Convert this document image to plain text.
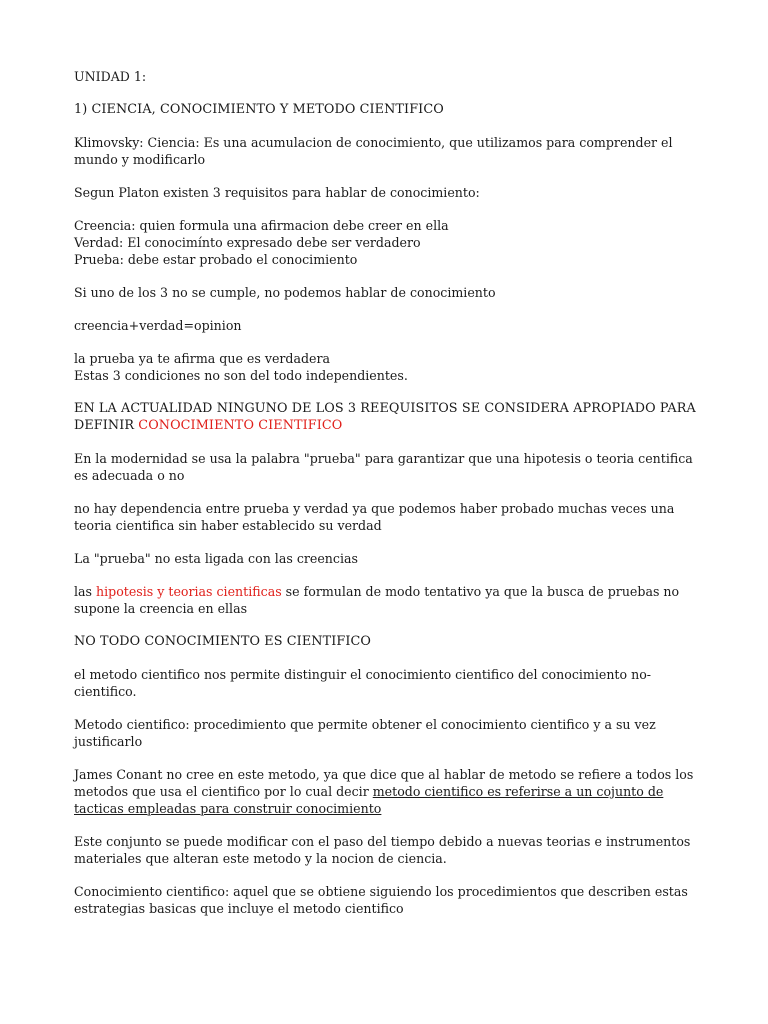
UNIDAD 1:

1) CIENCIA, CONOCIMIENTO Y METODO CIENTIFICO

Klimovsky: Ciencia: Es una acumulacion de conocimiento, que utilizamos para comprender el mundo y modificarlo

Segun Platon existen 3 requisitos para hablar de conocimiento:

Creencia: quien formula una afirmacion debe creer en ella
Verdad: El conocimínto expresado debe ser verdadero
Prueba: debe estar probado el conocimiento

Si uno de los 3 no se cumple, no podemos hablar de conocimiento

creencia+verdad=opinion

la prueba ya te afirma que es verdadera
Estas 3 condiciones no son del todo independientes.

EN LA ACTUALIDAD NINGUNO DE LOS 3 REEQUISITOS SE CONSIDERA APROPIADO PARA DEFINIR CONOCIMIENTO CIENTIFICO

En la modernidad se usa la palabra "prueba" para garantizar que una hipotesis o teoria centifica es adecuada o no

no hay dependencia entre prueba y verdad ya que podemos haber probado muchas veces una teoria cientifica sin haber establecido su verdad

La "prueba" no esta ligada con las creencias

las hipotesis y teorias cientificas se formulan de modo tentativo ya que la busca de pruebas no supone la creencia en ellas

NO TODO CONOCIMIENTO ES CIENTIFICO

el metodo cientifico nos permite distinguir el conocimiento cientifico del conocimiento no-cientifico.

Metodo cientifico: procedimiento que permite obtener el conocimiento cientifico y a su vez justificarlo

James Conant no cree en este metodo, ya que dice que al hablar de metodo se refiere a todos los metodos que usa el cientifico por lo cual decir metodo cientifico es referirse a un cojunto de tacticas empleadas para construir conocimiento

Este conjunto se puede modificar con el paso del tiempo debido a nuevas teorias e instrumentos materiales que alteran este metodo y la nocion de ciencia.

Conocimiento cientifico: aquel que se obtiene siguiendo los procedimientos que describen estas estrategias basicas que incluye el metodo cientifico
